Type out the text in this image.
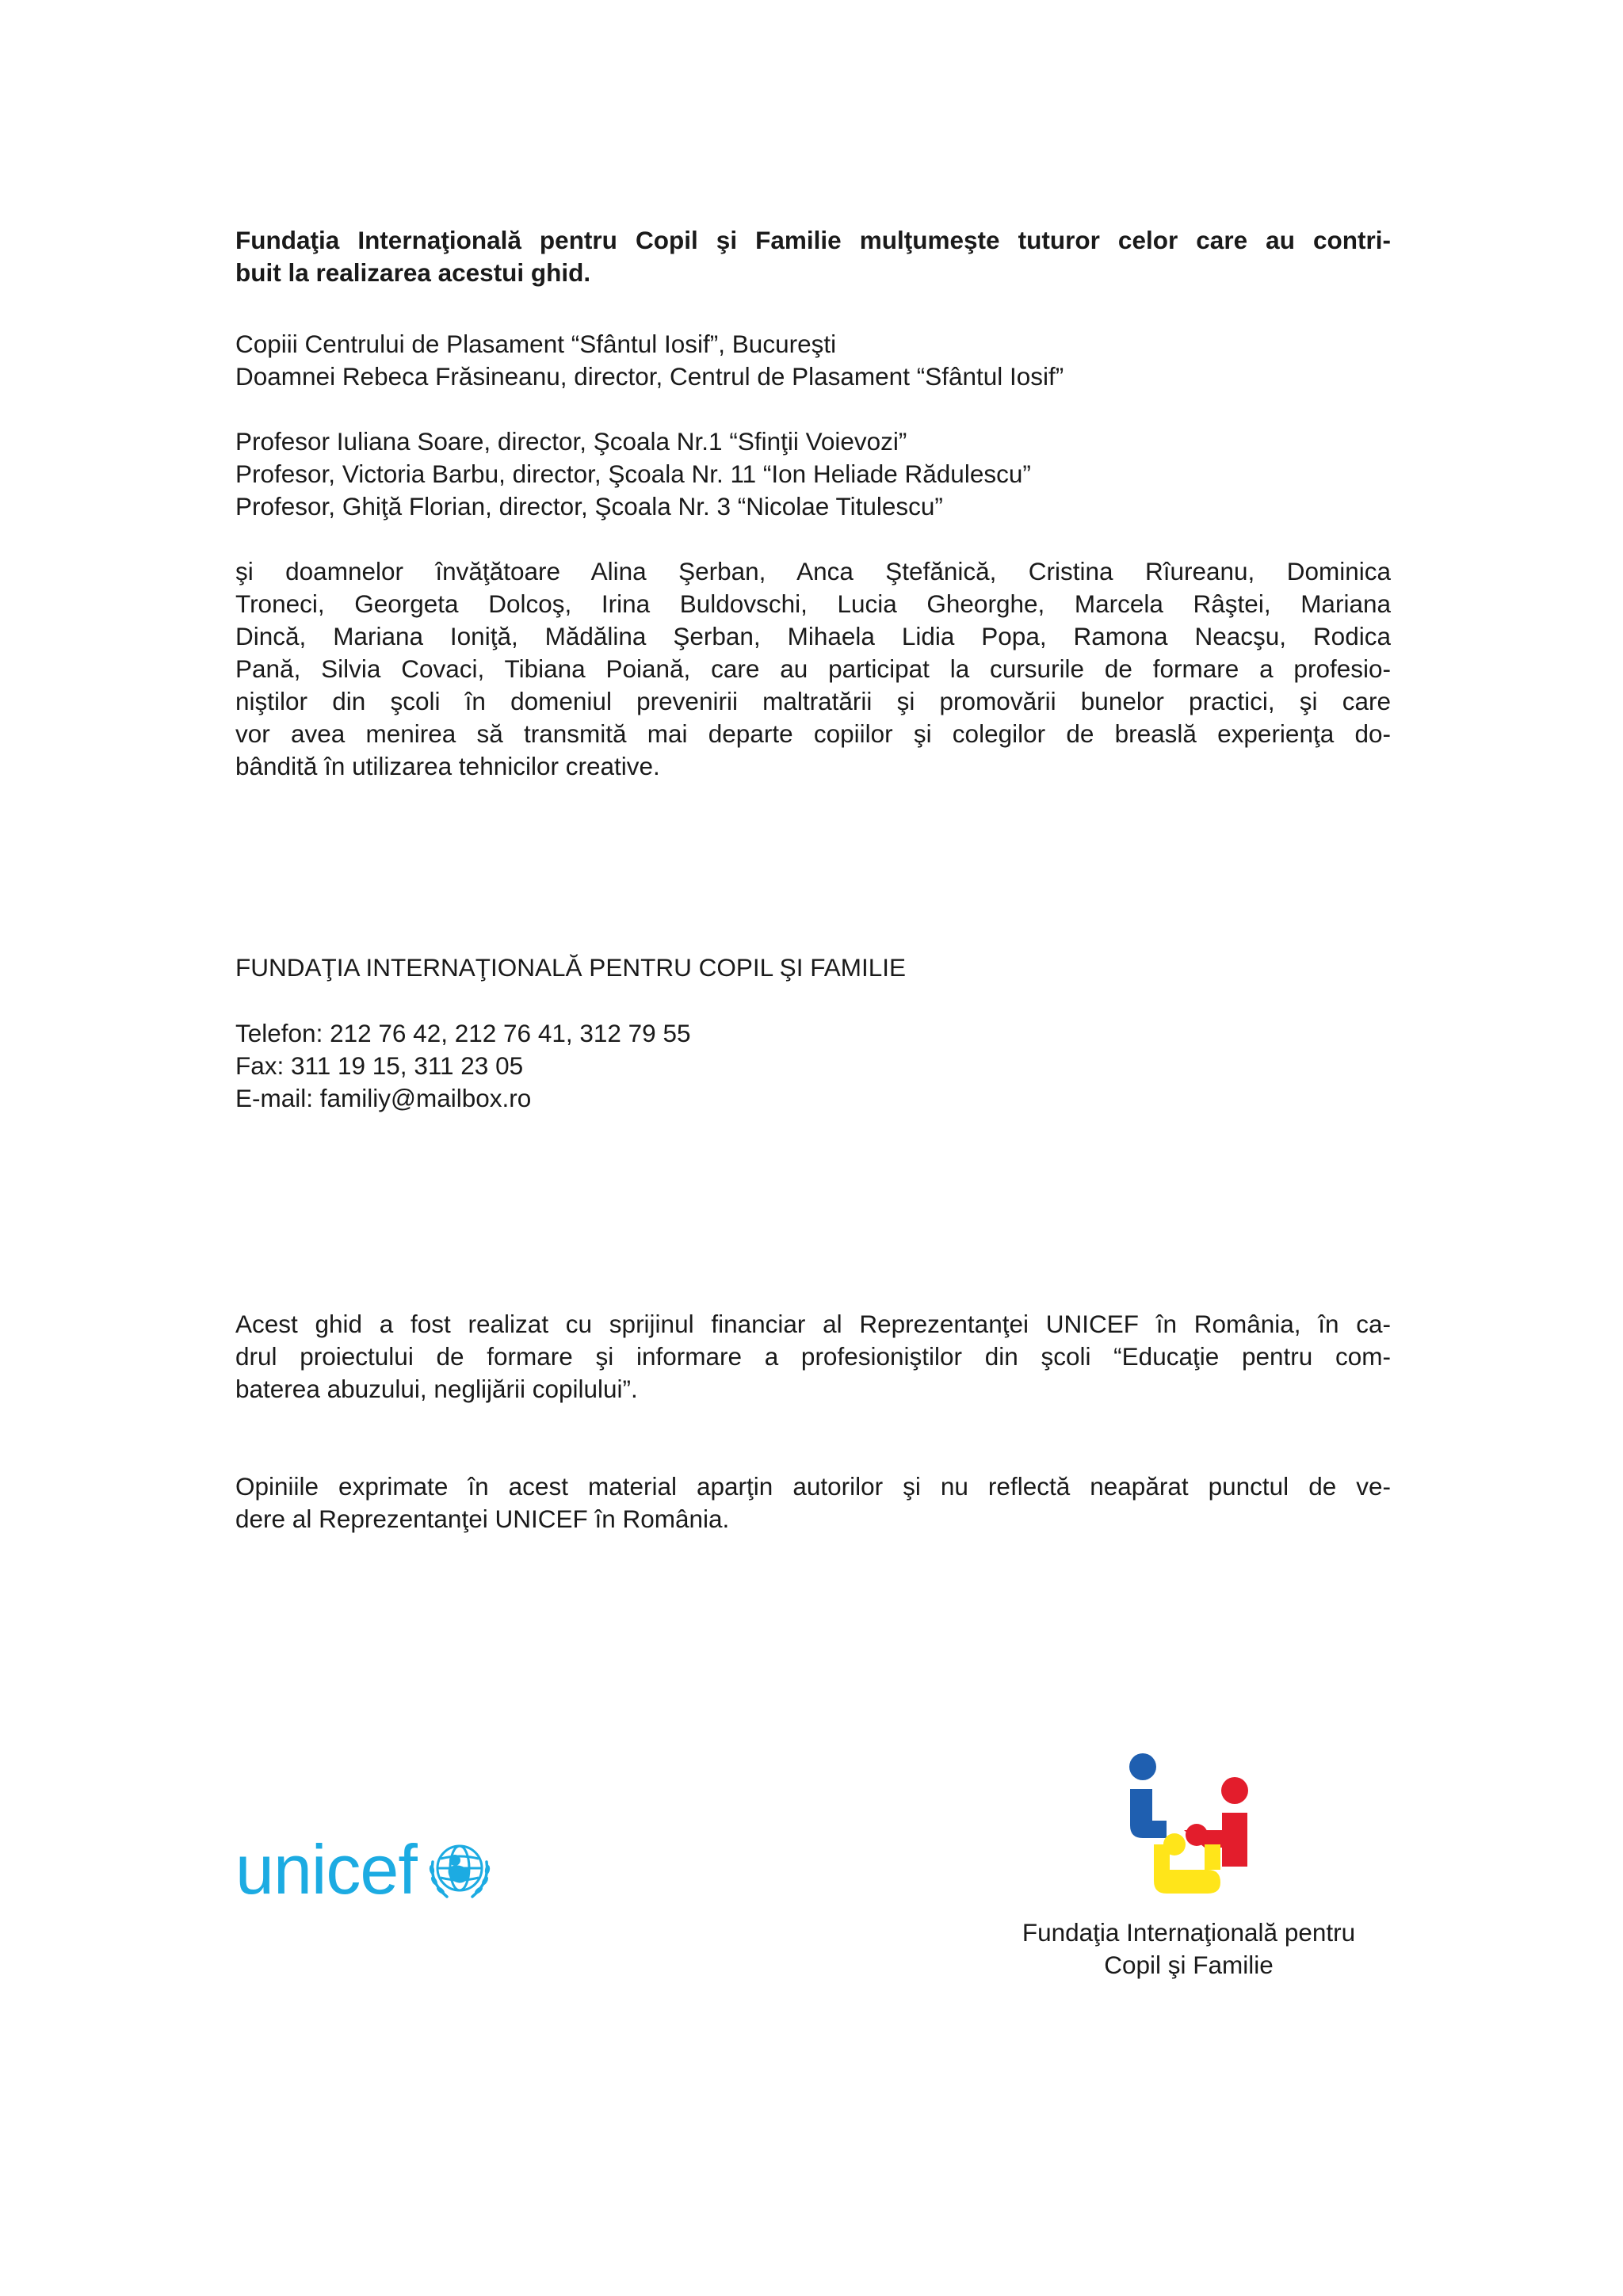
Fundaţia Internaţională pentru Copil şi Familie mulţumeşte tuturor celor care au contri-
buit la realizarea acestui ghid.
Copiii Centrului de Plasament “Sfântul Iosif”, Bucureşti
Doamnei Rebeca Frăsineanu, director, Centrul de Plasament “Sfântul Iosif”
Profesor Iuliana Soare, director, Şcoala Nr.1 “Sfinţii Voievozi”
Profesor, Victoria Barbu, director, Şcoala Nr. 11 “Ion Heliade Rădulescu”
Profesor, Ghiţă Florian, director, Şcoala Nr. 3 “Nicolae Titulescu”
şi doamnelor învăţătoare Alina Şerban, Anca Ştefănică, Cristina Rîureanu, Dominica
Troneci, Georgeta Dolcoş, Irina Buldovschi, Lucia Gheorghe, Marcela Râştei, Mariana
Dincă, Mariana Ioniţă, Mădălina Şerban, Mihaela Lidia Popa, Ramona Neacşu, Rodica
Pană, Silvia Covaci, Tibiana Poiană, care au participat la cursurile de formare a profesio-
niştilor din şcoli în domeniul prevenirii maltratării şi promovării bunelor practici, şi care
vor avea menirea să transmită mai departe copiilor şi colegilor de breaslă experienţa do-
bândită în utilizarea tehnicilor creative.
FUNDAŢIA INTERNAŢIONALĂ PENTRU COPIL ŞI FAMILIE
Telefon: 212 76 42, 212 76 41, 312 79 55
Fax: 311 19 15, 311 23 05
E-mail: familiy@mailbox.ro
Acest ghid a fost realizat cu sprijinul financiar al Reprezentanţei UNICEF în România, în ca-
drul proiectului de formare şi informare a profesioniştilor din şcoli “Educaţie pentru com-
baterea abuzului, neglijării copilului”.
Opiniile exprimate în acest material aparţin autorilor şi nu reflectă neapărat punctul de ve-
dere al Reprezentanţei UNICEF în România.
unicef
Fundaţia Internaţională pentru
Copil şi Familie
